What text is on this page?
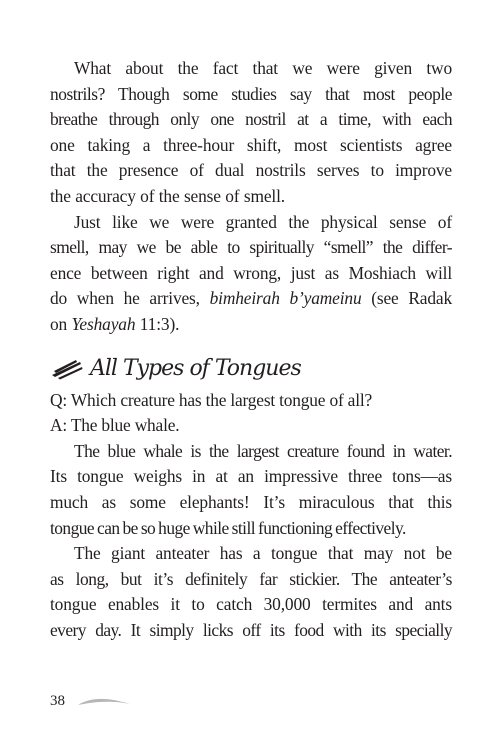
What about the fact that we were given two
nostrils? Though some studies say that most people
breathe through only one nostril at a time, with each
one taking a three-hour shift, most scientists agree
that the presence of dual nostrils serves to improve
the accuracy of the sense of smell.

Just like we were granted the physical sense of
smell, may we be able to spiritually “smell” the differ-
ence between right and wrong, just as Moshiach will
do when he arrives, bimheirah b’yameinu (see Radak
on Yeshayah 11:3).

All Types of Tongues

Q: Which creature has the largest tongue of all?

A: The blue whale.

The blue whale is the largest creature found in water.
Its tongue weighs in at an impressive three tons—as
much as some elephants! It’s miraculous that this
tongue can be so huge while still functioning effectively.

The giant anteater has a tongue that may not be
as long, but it’s definitely far stickier. The anteater’s
tongue enables it to catch 30,000 termites and ants
every day. It simply licks off its food with its specially

38
